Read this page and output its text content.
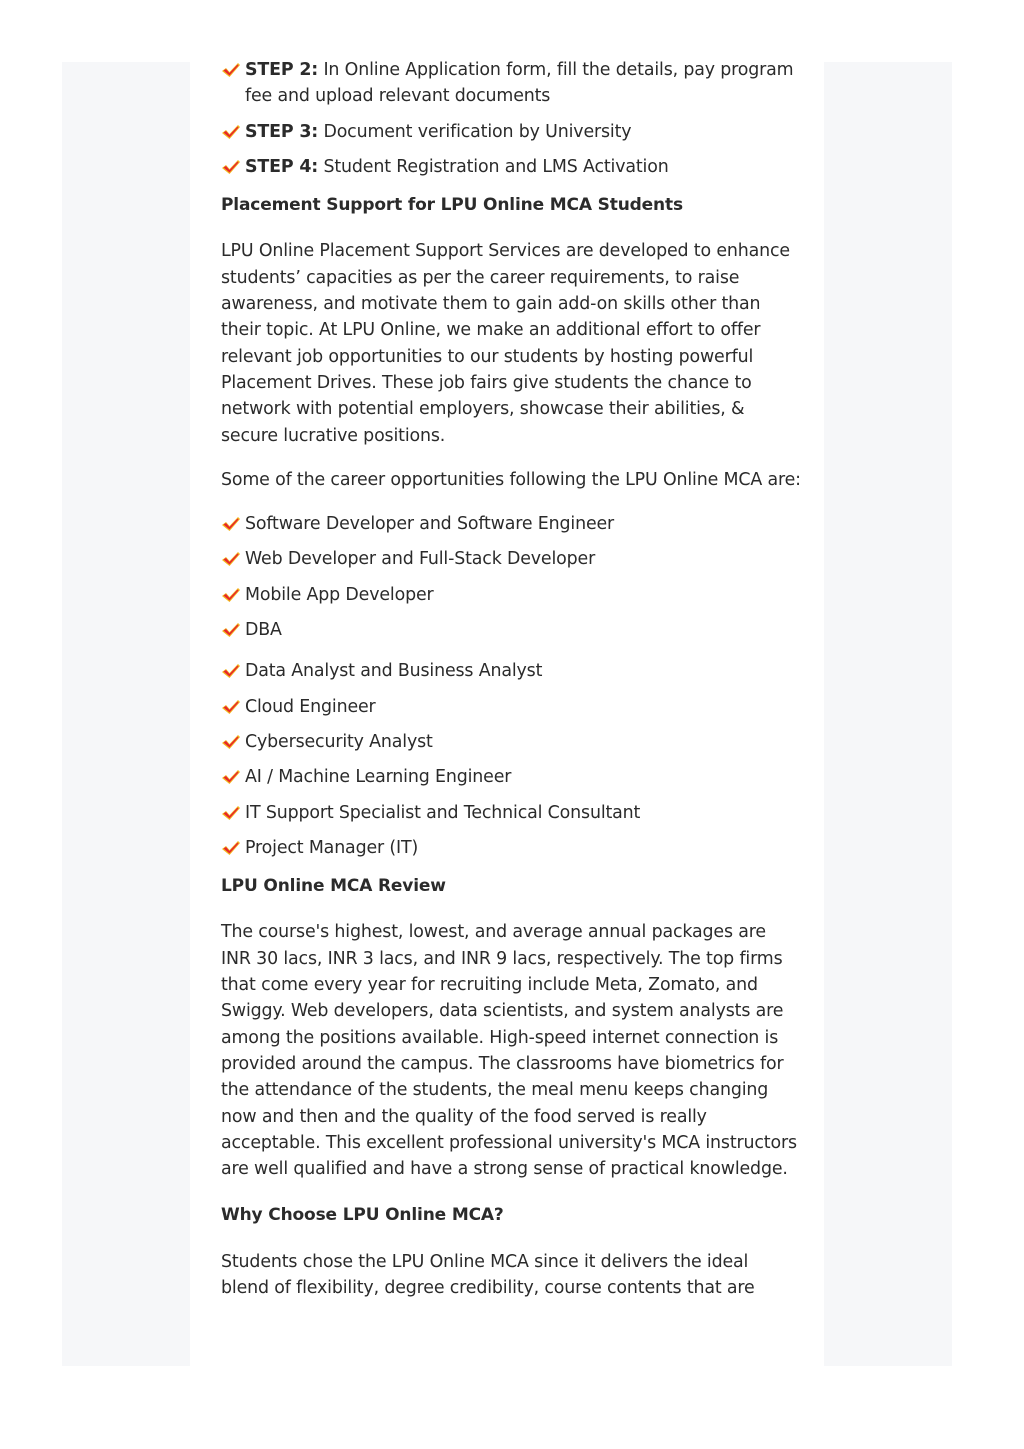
STEP 2: In Online Application form, fill the details, pay program fee and upload relevant documents
STEP 3: Document verification by University
STEP 4: Student Registration and LMS Activation
Placement Support for LPU Online MCA Students

LPU Online Placement Support Services are developed to enhance students’ capacities as per the career requirements, to raise awareness, and motivate them to gain add-on skills other than their topic. At LPU Online, we make an additional effort to offer relevant job opportunities to our students by hosting powerful Placement Drives. These job fairs give students the chance to network with potential employers, showcase their abilities, & secure lucrative positions.

Some of the career opportunities following the LPU Online MCA are:

Software Developer and Software Engineer
Web Developer and Full-Stack Developer
Mobile App Developer
DBA
Data Analyst and Business Analyst
Cloud Engineer
Cybersecurity Analyst
AI / Machine Learning Engineer
IT Support Specialist and Technical Consultant
Project Manager (IT)
LPU Online MCA Review

The course's highest, lowest, and average annual packages are INR 30 lacs, INR 3 lacs, and INR 9 lacs, respectively. The top firms that come every year for recruiting include Meta, Zomato, and Swiggy. Web developers, data scientists, and system analysts are among the positions available. High-speed internet connection is provided around the campus. The classrooms have biometrics for the attendance of the students, the meal menu keeps changing now and then and the quality of the food served is really acceptable. This excellent professional university's MCA instructors are well qualified and have a strong sense of practical knowledge.

Why Choose LPU Online MCA?

Students chose the LPU Online MCA since it delivers the ideal blend of flexibility, degree credibility, course contents that are
